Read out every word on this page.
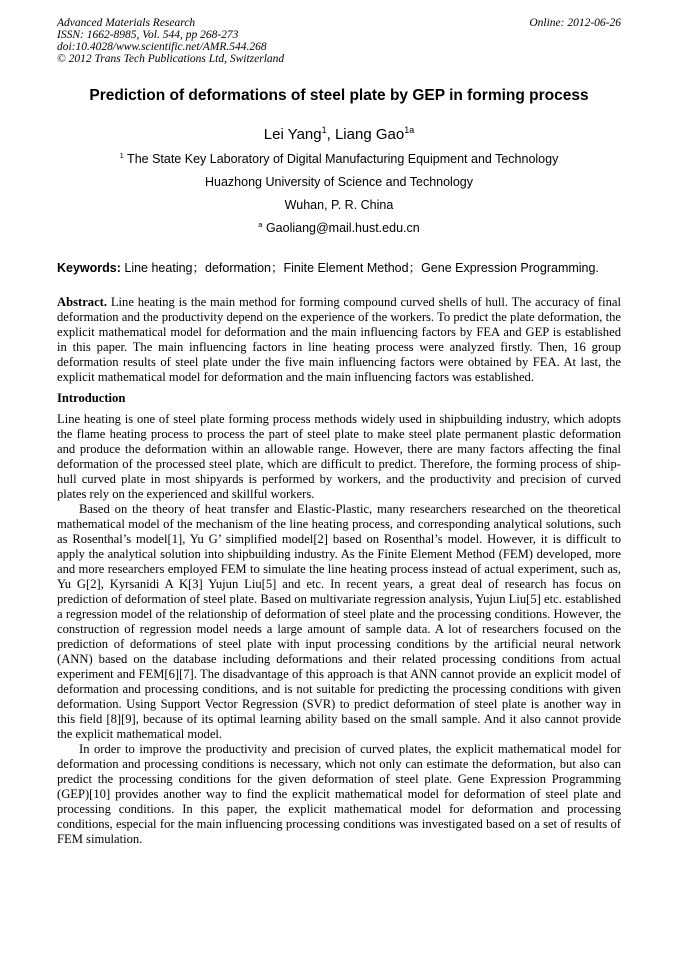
Advanced Materials Research
ISSN: 1662-8985, Vol. 544, pp 268-273
doi:10.4028/www.scientific.net/AMR.544.268
© 2012 Trans Tech Publications Ltd, Switzerland
Online: 2012-06-26
Prediction of deformations of steel plate by GEP in forming process
Lei Yang$^1$, Liang Gao$^{1a}$
$^1$ The State Key Laboratory of Digital Manufacturing Equipment and Technology
Huazhong University of Science and Technology
Wuhan, P. R. China
$^a$ Gaoliang@mail.hust.edu.cn
Keywords: Line heating；deformation；Finite Element Method；Gene Expression Programming.
Abstract. Line heating is the main method for forming compound curved shells of hull. The accuracy of final deformation and the productivity depend on the experience of the workers. To predict the plate deformation, the explicit mathematical model for deformation and the main influencing factors by FEA and GEP is established in this paper. The main influencing factors in line heating process were analyzed firstly. Then, 16 group deformation results of steel plate under the five main influencing factors were obtained by FEA. At last, the explicit mathematical model for deformation and the main influencing factors was established.
Introduction

Line heating is one of steel plate forming process methods widely used in shipbuilding industry, which adopts the flame heating process to process the part of steel plate to make steel plate permanent plastic deformation and produce the deformation within an allowable range. However, there are many factors affecting the final deformation of the processed steel plate, which are difficult to predict. Therefore, the forming process of ship-hull curved plate in most shipyards is performed by workers, and the productivity and precision of curved plates rely on the experienced and skillful workers.

Based on the theory of heat transfer and Elastic-Plastic, many researchers researched on the theoretical mathematical model of the mechanism of the line heating process, and corresponding analytical solutions, such as Rosenthal’s model[1], Yu G’ simplified model[2] based on Rosenthal’s model. However, it is difficult to apply the analytical solution into shipbuilding industry. As the Finite Element Method (FEM) developed, more and more researchers employed FEM to simulate the line heating process instead of actual experiment, such as, Yu G[2], Kyrsanidi A K[3] Yujun Liu[5] and etc. In recent years, a great deal of research has focus on prediction of deformation of steel plate. Based on multivariate regression analysis, Yujun Liu[5] etc. established a regression model of the relationship of deformation of steel plate and the processing conditions. However, the construction of regression model needs a large amount of sample data. A lot of researchers focused on the prediction of deformations of steel plate with input processing conditions by the artificial neural network (ANN) based on the database including deformations and their related processing conditions from actual experiment and FEM[6][7]. The disadvantage of this approach is that ANN cannot provide an explicit model of deformation and processing conditions, and is not suitable for predicting the processing conditions with given deformation. Using Support Vector Regression (SVR) to predict deformation of steel plate is another way in this field [8][9], because of its optimal learning ability based on the small sample. And it also cannot provide the explicit mathematical model.

In order to improve the productivity and precision of curved plates, the explicit mathematical model for deformation and processing conditions is necessary, which not only can estimate the deformation, but also can predict the processing conditions for the given deformation of steel plate. Gene Expression Programming (GEP)[10] provides another way to find the explicit mathematical model for deformation of steel plate and processing conditions. In this paper, the explicit mathematical model for deformation and processing conditions, especial for the main influencing processing conditions was investigated based on a set of results of FEM simulation.
